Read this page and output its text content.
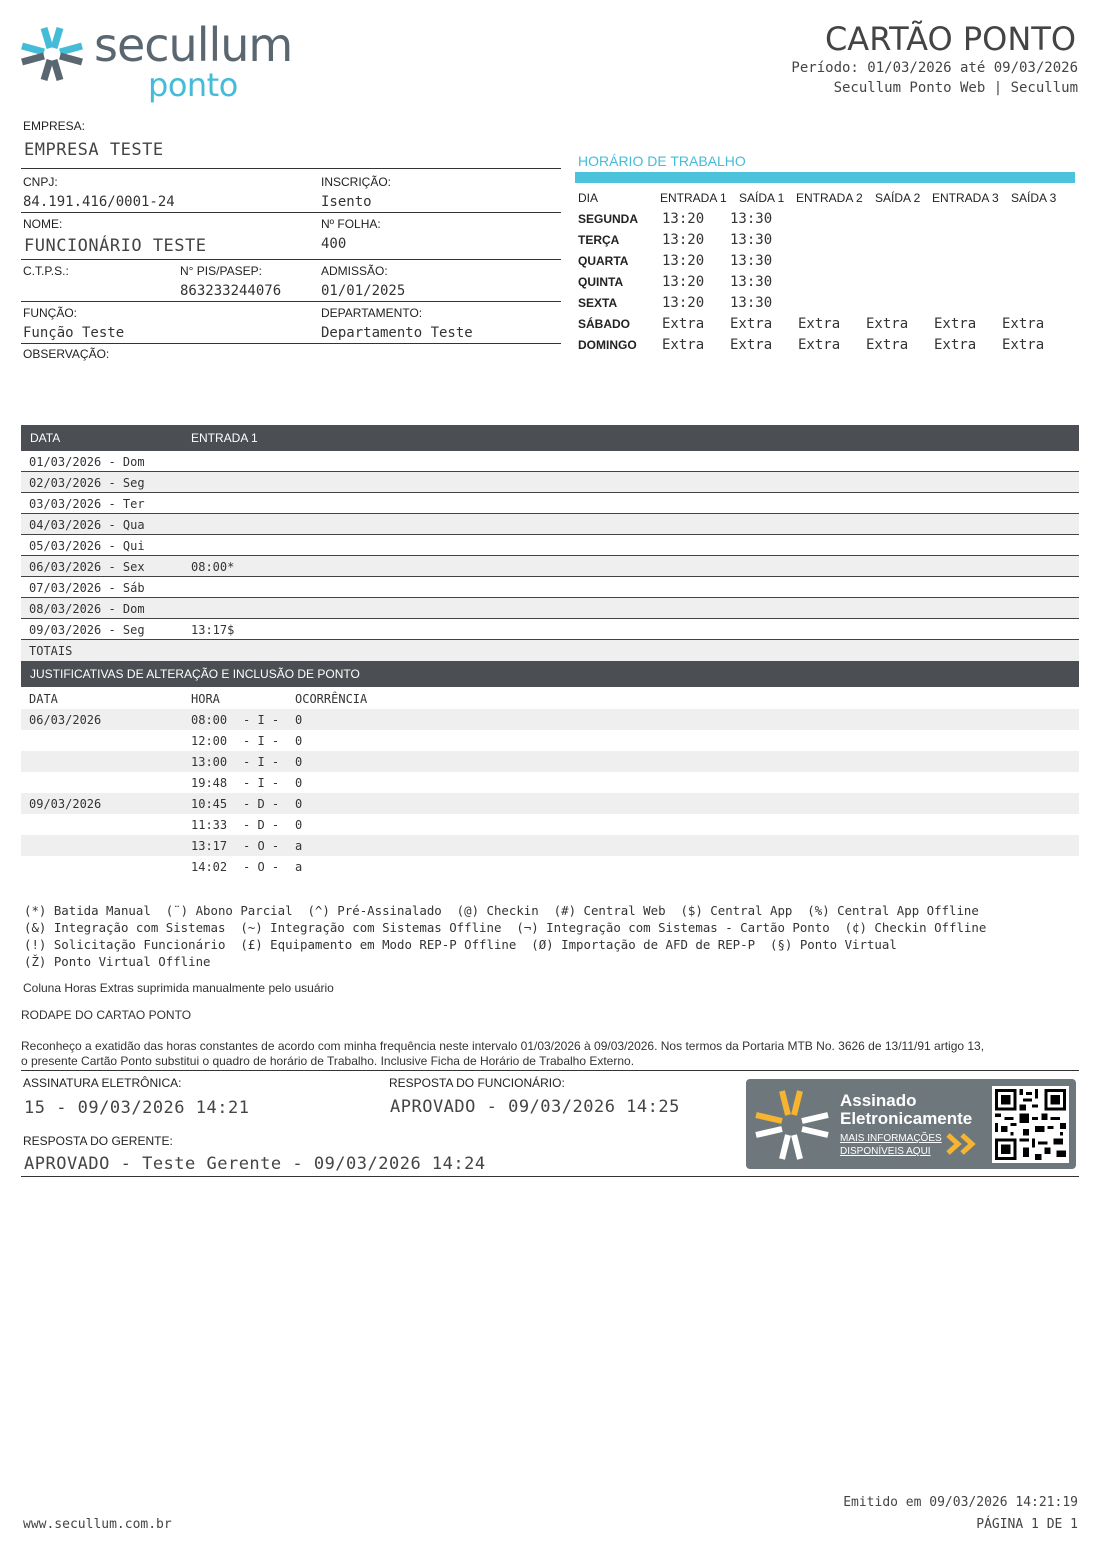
secullum
ponto
CARTÃO PONTO
Período: 01/03/2026 até 09/03/2026
Secullum Ponto Web | Secullum
EMPRESA:
EMPRESA TESTE
CNPJ:
84.191.416/0001-24
INSCRIÇÃO:
Isento
NOME:
FUNCIONÁRIO TESTE
Nº FOLHA:
400
C.T.P.S.:	N° PIS/PASEP:
863233244076
ADMISSÃO:
01/01/2025
FUNÇÃO:
Função Teste
DEPARTAMENTO:
Departamento Teste
OBSERVAÇÃO:
HORÁRIO DE TRABALHO
DIA	ENTRADA 1 SAÍDA 1 ENTRADA 2 SAÍDA 2 ENTRADA 3 SAÍDA 3
SEGUNDA 13:20 13:30
TERÇA	13:20 13:30
QUARTA 13:20 13:30
QUINTA	13:20 13:30
SEXTA	13:20 13:30
SÁBADO Extra Extra Extra Extra Extra Extra
DOMINGO Extra Extra Extra Extra Extra Extra
DATA	ENTRADA 1
01/03/2026 - Dom
02/03/2026 - Seg
03/03/2026 - Ter
04/03/2026 - Qua
05/03/2026 - Qui
06/03/2026 - Sex	08:00*
07/03/2026 - Sáb
08/03/2026 - Dom
09/03/2026 - Seg	13:17$
TOTAIS
JUSTIFICATIVAS DE ALTERAÇÃO E INCLUSÃO DE PONTO
DATA	HORA	OCORRÊNCIA
06/03/2026	08:00 - I - 0
12:00 - I - 0
13:00 - I - 0
19:48 - I - 0
09/03/2026	10:45 - D - 0
11:33 - D - 0
13:17 - O - a
14:02 - O - a
(*) Batida Manual  (¨) Abono Parcial  (^) Pré-Assinalado  (@) Checkin  (#) Central Web  ($) Central App  (%) Central App Offline
(&) Integração com Sistemas  (~) Integração com Sistemas Offline  (¬) Integração com Sistemas - Cartão Ponto  (¢) Checkin Offline
(!) Solicitação Funcionário  (£) Equipamento em Modo REP-P Offline  (Ø) Importação de AFD de REP-P  (§) Ponto Virtual
(Ž) Ponto Virtual Offline
Coluna Horas Extras suprimida manualmente pelo usuário
RODAPE DO CARTAO PONTO
Reconheço a exatidão das horas constantes de acordo com minha frequência neste intervalo 01/03/2026 à 09/03/2026. Nos termos da Portaria MTB No. 3626 de 13/11/91 artigo 13,
o presente Cartão Ponto substitui o quadro de horário de Trabalho. Inclusive Ficha de Horário de Trabalho Externo.
ASSINATURA ELETRÔNICA:
15 - 09/03/2026 14:21
RESPOSTA DO FUNCIONÁRIO:
APROVADO - 09/03/2026 14:25
RESPOSTA DO GERENTE:
APROVADO - Teste Gerente - 09/03/2026 14:24
Assinado
Eletronicamente
MAIS INFORMAÇÕES
DISPONÍVEIS AQUI
www.secullum.com.br
Emitido em 09/03/2026 14:21:19
PÁGINA 1 DE 1
